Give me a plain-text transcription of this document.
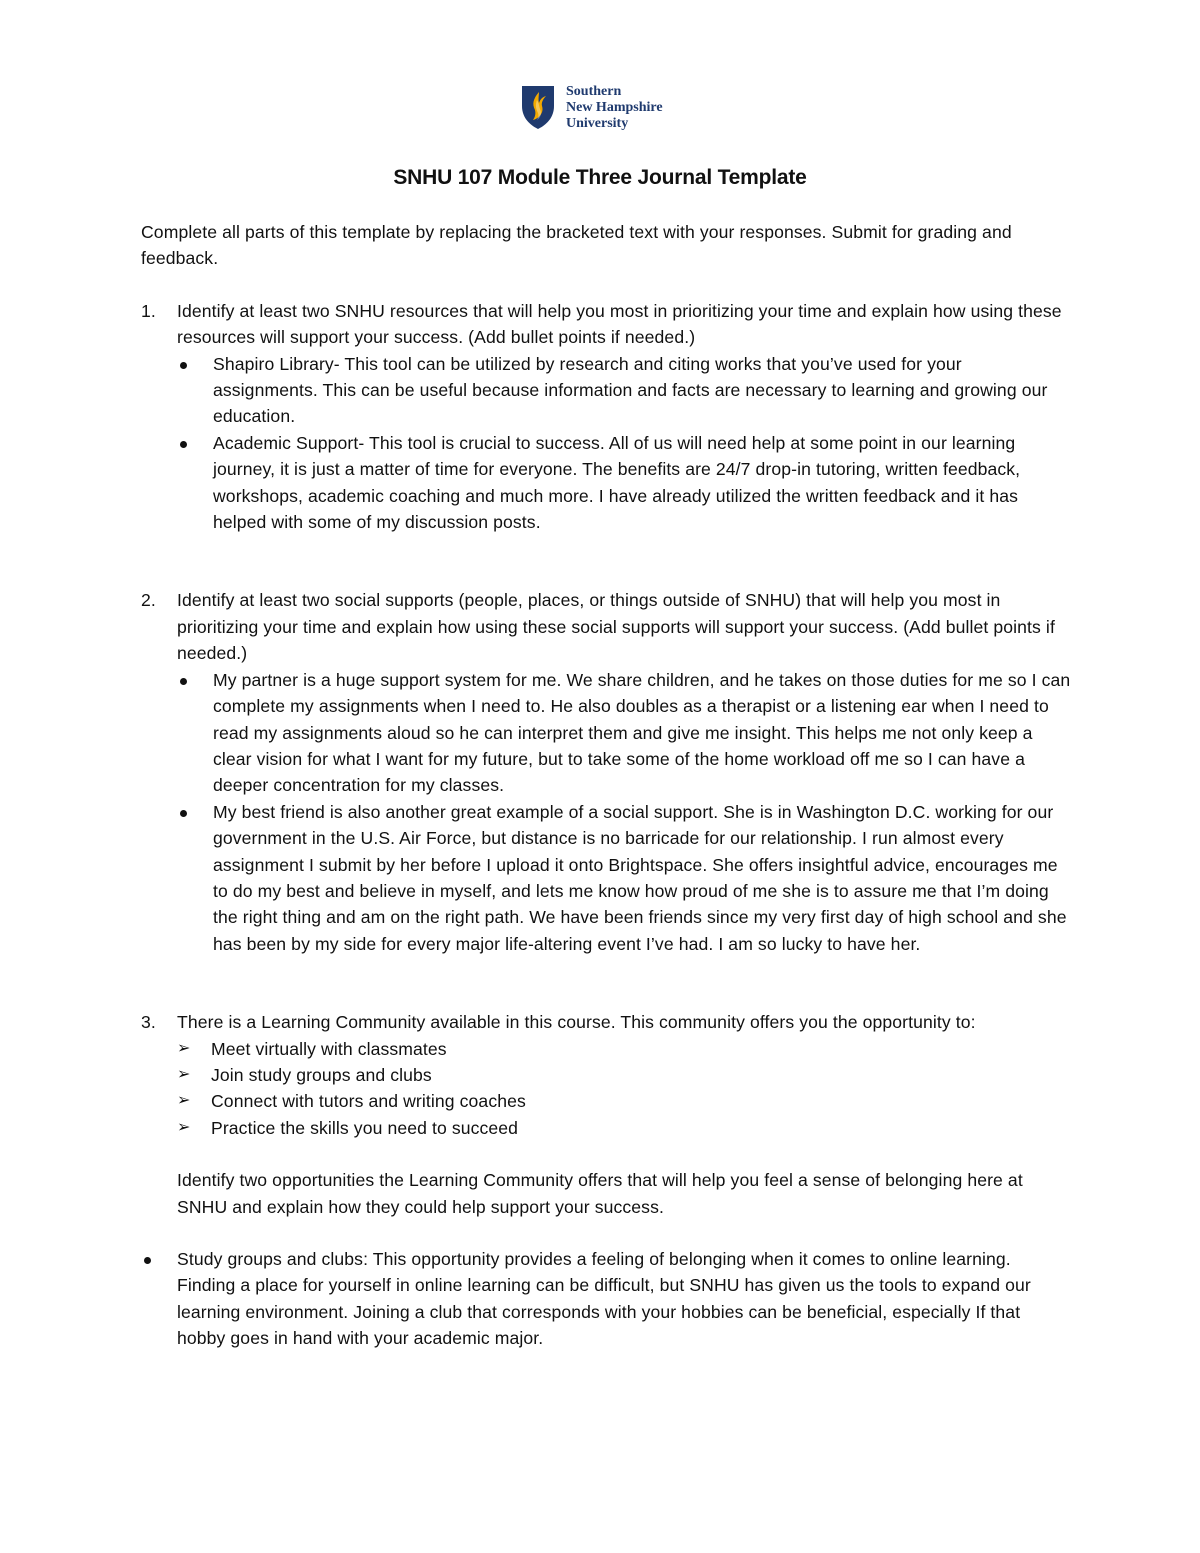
Southern
New Hampshire
University
SNHU 107 Module Three Journal Template

Complete all parts of this template by replacing the bracketed text with your responses. Submit for grading and feedback.

1. Identify at least two SNHU resources that will help you most in prioritizing your time and explain how using these resources will support your success. (Add bullet points if needed.)

Shapiro Library- This tool can be utilized by research and citing works that you’ve used for your assignments. This can be useful because information and facts are necessary to learning and growing our education.
Academic Support- This tool is crucial to success. All of us will need help at some point in our learning journey, it is just a matter of time for everyone. The benefits are 24/7 drop-in tutoring, written feedback, workshops, academic coaching and much more. I have already utilized the written feedback and it has helped with some of my discussion posts.
2. Identify at least two social supports (people, places, or things outside of SNHU) that will help you most in prioritizing your time and explain how using these social supports will support your success. (Add bullet points if needed.)

My partner is a huge support system for me. We share children, and he takes on those duties for me so I can complete my assignments when I need to. He also doubles as a therapist or a listening ear when I need to read my assignments aloud so he can interpret them and give me insight. This helps me not only keep a clear vision for what I want for my future, but to take some of the home workload off me so I can have a deeper concentration for my classes.
My best friend is also another great example of a social support. She is in Washington D.C. working for our government in the U.S. Air Force, but distance is no barricade for our relationship. I run almost every assignment I submit by her before I upload it onto Brightspace. She offers insightful advice, encourages me to do my best and believe in myself, and lets me know how proud of me she is to assure me that I’m doing the right thing and am on the right path. We have been friends since my very first day of high school and she has been by my side for every major life-altering event I’ve had. I am so lucky to have her.
3. There is a Learning Community available in this course. This community offers you the opportunity to:

➢ Meet virtually with classmates
➢ Join study groups and clubs
➢ Connect with tutors and writing coaches
➢ Practice the skills you need to succeed

Identify two opportunities the Learning Community offers that will help you feel a sense of belonging here at SNHU and explain how they could help support your success.

Study groups and clubs: This opportunity provides a feeling of belonging when it comes to online learning. Finding a place for yourself in online learning can be difficult, but SNHU has given us the tools to expand our learning environment. Joining a club that corresponds with your hobbies can be beneficial, especially If that hobby goes in hand with your academic major.
